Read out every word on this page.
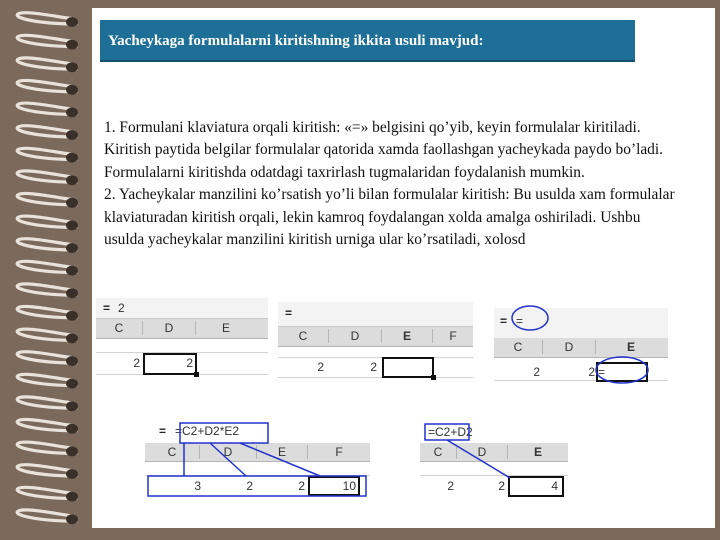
Yacheykaga formulalarni kiritishning ikkita usuli mavjud:

1. Formulani klaviatura orqali kiritish: «=» belgisini qo’yib, keyin formulalar kiritiladi. Kiritish paytida belgilar formulalar qatorida xamda faollashgan yacheykada paydo bo’ladi. Formulalarni kiritishda odatdagi taxrirlash tugmalaridan foydalanish mumkin.

2. Yacheykalar manzilini ko’rsatish yo’li bilan formulalar kiritish: Bu usulda xam formulalar klaviaturadan kiritish orqali, lekin kamroq foydalangan xolda amalga oshiriladi. Ushbu usulda yacheykalar manzilini kiritish urniga ular ko’rsatiladi, xolosd

= 2
C	D	E
2	2
=
C	D	E	F
2	2
= =
C	D	E
2	2 =
= =C2+D2*E2
C	D	E	F
3	2	2	10
=C2+D2
C	D	E
2	2	4
